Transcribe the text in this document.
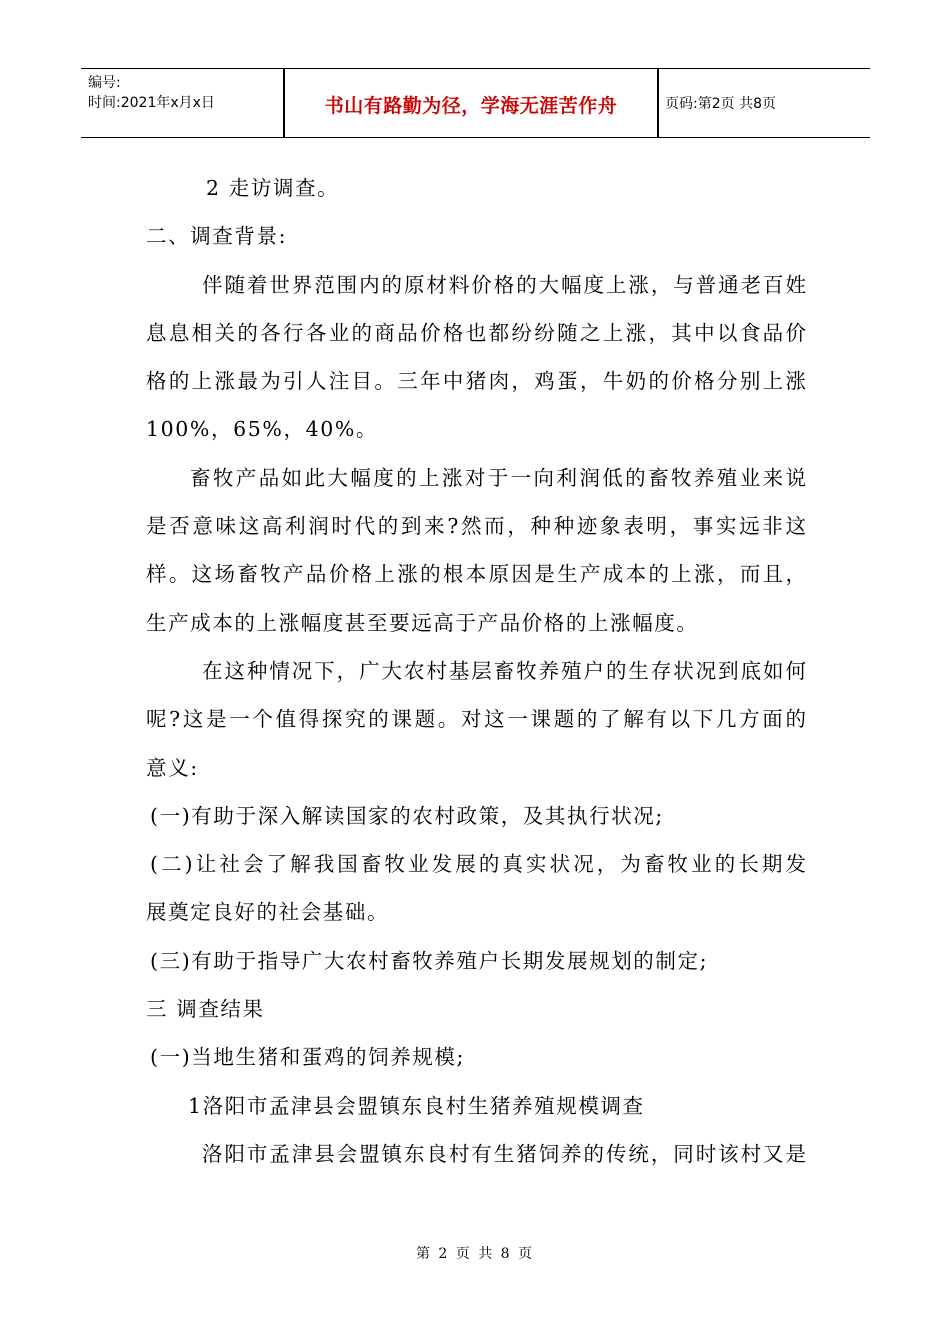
编号:
时间:2021年x月x日	书山有路勤为径，学海无涯苦作舟	页码:第2页 共8页
2 走访调查。
二、调查背景:
伴随着世界范围内的原材料价格的大幅度上涨，与普通老百姓
息息相关的各行各业的商品价格也都纷纷随之上涨，其中以食品价
格的上涨最为引人注目。三年中猪肉，鸡蛋，牛奶的价格分别上涨
100%，65%，40%。
畜牧产品如此大幅度的上涨对于一向利润低的畜牧养殖业来说
是否意味这高利润时代的到来?然而，种种迹象表明，事实远非这
样。这场畜牧产品价格上涨的根本原因是生产成本的上涨，而且，
生产成本的上涨幅度甚至要远高于产品价格的上涨幅度。
在这种情况下，广大农村基层畜牧养殖户的生存状况到底如何
呢?这是一个值得探究的课题。对这一课题的了解有以下几方面的
意义:
(一)有助于深入解读国家的农村政策，及其执行状况;
(二)让社会了解我国畜牧业发展的真实状况，为畜牧业的长期发
展奠定良好的社会基础。
(三)有助于指导广大农村畜牧养殖户长期发展规划的制定;
三 调查结果
(一)当地生猪和蛋鸡的饲养规模;
1洛阳市孟津县会盟镇东良村生猪养殖规模调查
洛阳市孟津县会盟镇东良村有生猪饲养的传统，同时该村又是
第 2 页 共 8 页
